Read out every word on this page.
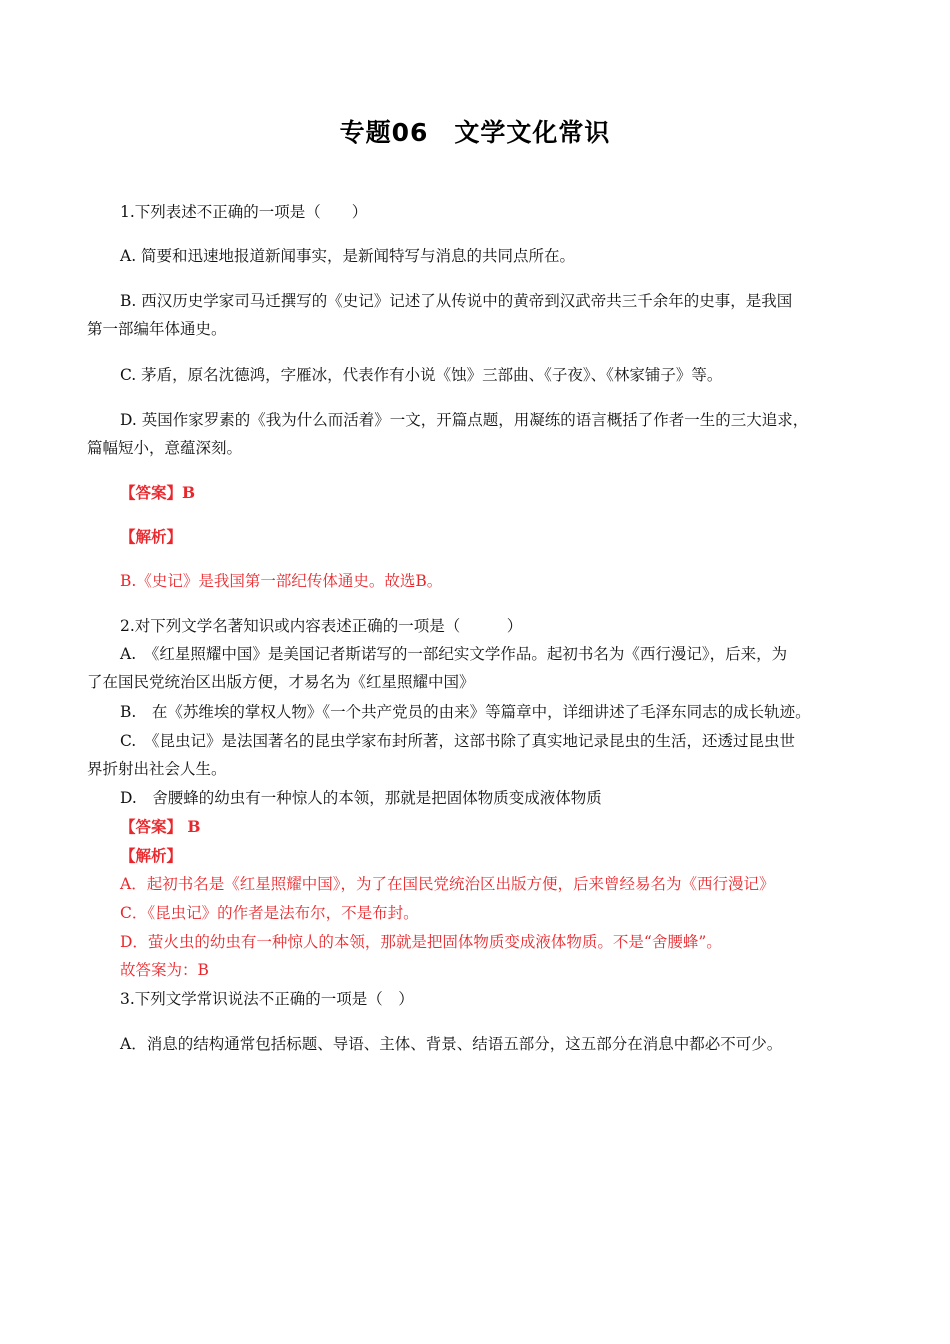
专题06　文学文化常识
1.下列表述不正确的一项是（　　）
A. 简要和迅速地报道新闻事实，是新闻特写与消息的共同点所在。
B. 西汉历史学家司马迁撰写的《史记》记述了从传说中的黄帝到汉武帝共三千余年的史事，是我国
第一部编年体通史。
C. 茅盾，原名沈德鸿，字雁冰，代表作有小说《蚀》三部曲、《子夜》、《林家铺子》等。
D. 英国作家罗素的《我为什么而活着》一文，开篇点题，用凝练的语言概括了作者一生的三大追求，
篇幅短小，意蕴深刻。
【答案】B
【解析】
B.《史记》是我国第一部纪传体通史。故选B。
2.对下列文学名著知识或内容表述正确的一项是（　　　）
A.　《红星照耀中国》是美国记者斯诺写的一部纪实文学作品。起初书名为《西行漫记》，后来，为
了在国民党统治区出版方便，才易名为《红星照耀中国》
B.　在《苏维埃的掌权人物》《一个共产党员的由来》等篇章中，详细讲述了毛泽东同志的成长轨迹。
C.　《昆虫记》是法国著名的昆虫学家布封所著，这部书除了真实地记录昆虫的生活，还透过昆虫世
界折射出社会人生。
D.　舍腰蜂的幼虫有一种惊人的本领，那就是把固体物质变成液体物质
【答案】 B
【解析】
A．起初书名是《红星照耀中国》，为了在国民党统治区出版方便，后来曾经易名为《西行漫记》
C．《昆虫记》的作者是法布尔，不是布封。
D．萤火虫的幼虫有一种惊人的本领，那就是把固体物质变成液体物质。不是“舍腰蜂”。
故答案为：B
3.下列文学常识说法不正确的一项是（　）
A．消息的结构通常包括标题、导语、主体、背景、结语五部分，这五部分在消息中都必不可少。
